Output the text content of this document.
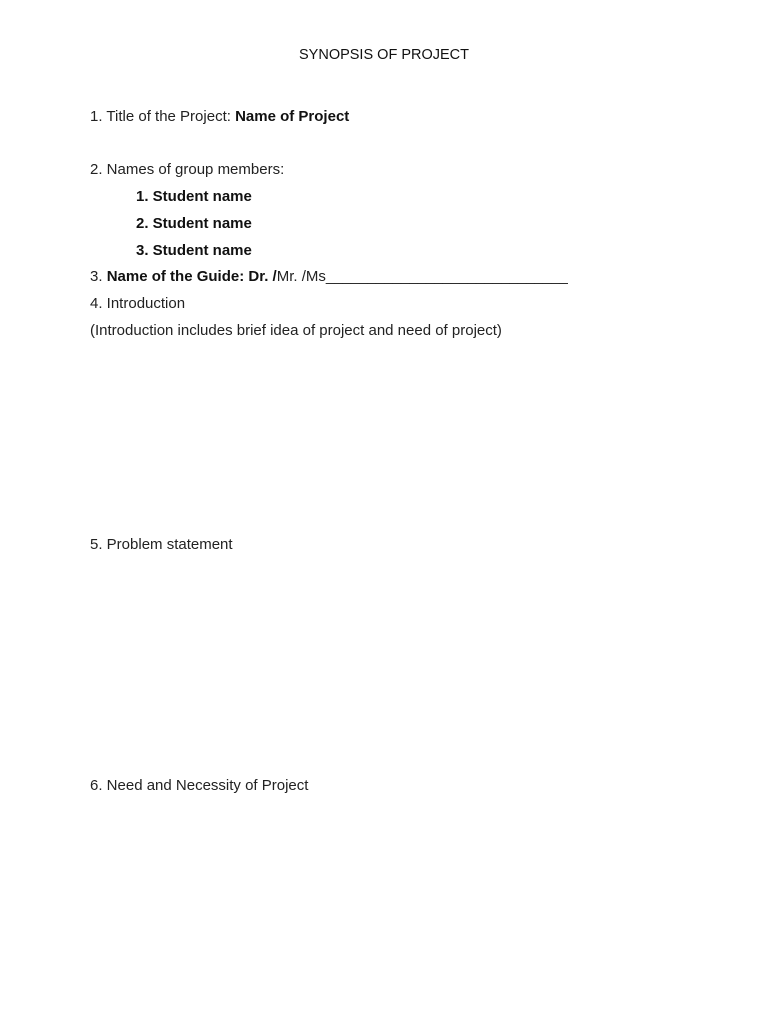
SYNOPSIS OF PROJECT
1. Title of the Project: Name of Project
2. Names of group members:
1. Student name
2. Student name
3. Student name
3. Name of the Guide: Dr. /Mr. /Ms_____________________________
4. Introduction
(Introduction includes brief idea of project and need of project)
5. Problem statement
6. Need and Necessity of Project
